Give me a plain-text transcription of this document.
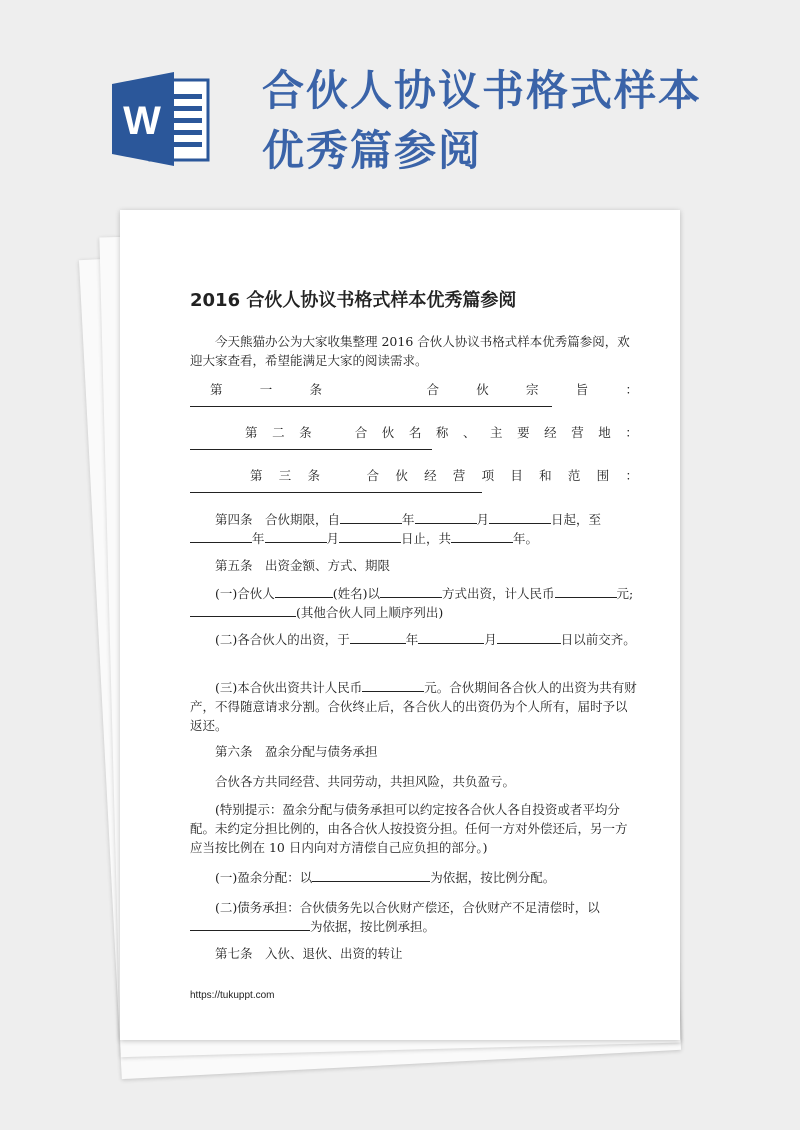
W
合伙人协议书格式样本
优秀篇参阅
2016 合伙人协议书格式样本优秀篇参阅
今天熊猫办公为大家收集整理 2016 合伙人协议书格式样本优秀篇参阅，欢迎大家查看，希望能满足大家的阅读需求。
第	一	条	合	伙	宗	旨	：
第 二 条	合 伙 名 称 、 主 要 经 营 地 ：
第 三 条	合 伙 经 营 项 目 和 范 围 ：
第四条　合伙期限，自	年	月	日起，至年	月	日止，共	年。
第五条　出资金额、方式、期限
(一)合伙人	(姓名)以	方式出资，计人民币	元;(其他合伙人同上顺序列出)
(二)各合伙人的出资，于	年	月	日以前交齐。
(三)本合伙出资共计人民币	元。合伙期间各合伙人的出资为共有财产，不得随意请求分割。合伙终止后，各合伙人的出资仍为个人所有，届时予以返还。
第六条　盈余分配与债务承担
合伙各方共同经营、共同劳动，共担风险，共负盈亏。
(特别提示：盈余分配与债务承担可以约定按各合伙人各自投资或者平均分配。未约定分担比例的，由各合伙人按投资分担。任何一方对外偿还后，另一方应当按比例在 10 日内向对方清偿自己应负担的部分。)
(一)盈余分配：以	为依据，按比例分配。
(二)债务承担：合伙债务先以合伙财产偿还，合伙财产不足清偿时，以为依据，按比例承担。
第七条　入伙、退伙、出资的转让
https://tukuppt.com
